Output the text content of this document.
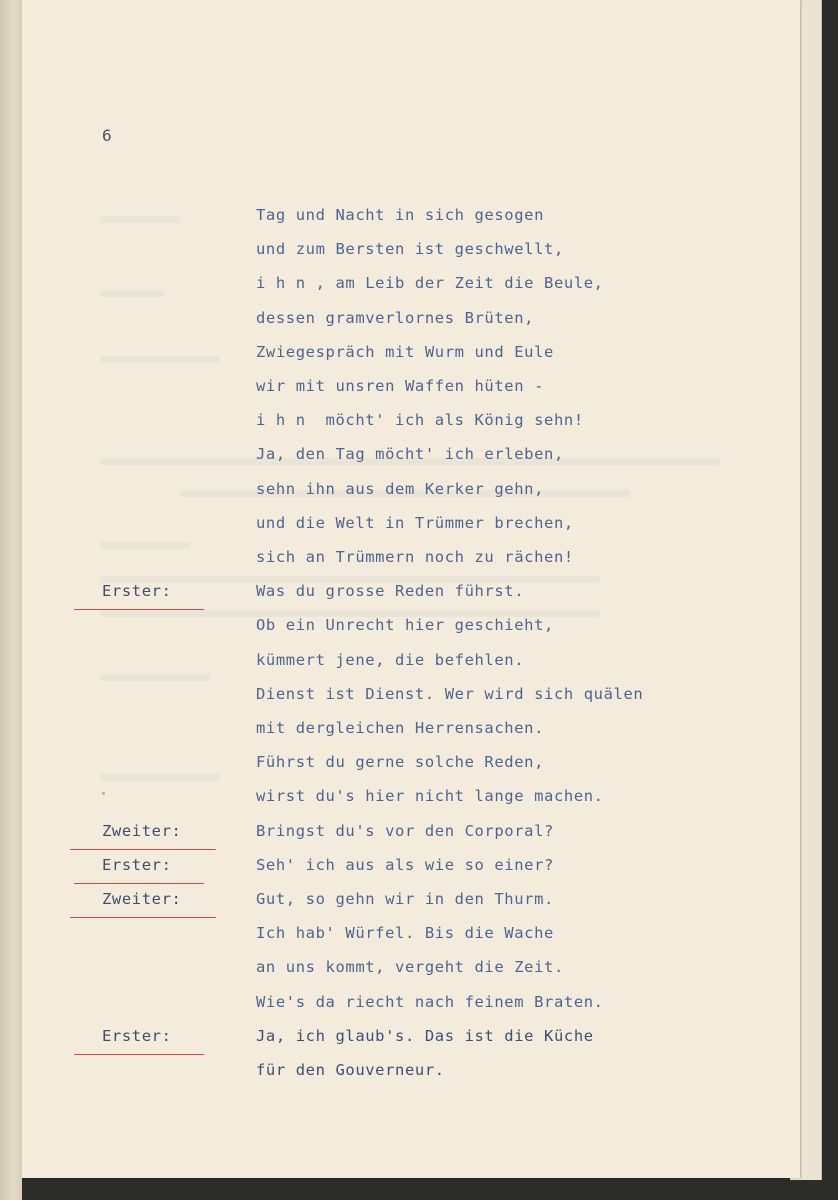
6
Tag und Nacht in sich gesogen
und zum Bersten ist geschwellt,
i h n , am Leib der Zeit die Beule,
dessen gramverlornes Brüten,
Zwiegespräch mit Wurm und Eule
wir mit unsren Waffen hüten -
i h n  möcht' ich als König sehn!
Ja, den Tag möcht' ich erleben,
sehn ihn aus dem Kerker gehn,
und die Welt in Trümmer brechen,
sich an Trümmern noch zu rächen!
Was du grosse Reden führst.
Ob ein Unrecht hier geschieht,
kümmert jene, die befehlen.
Dienst ist Dienst. Wer wird sich quälen
mit dergleichen Herrensachen.
Führst du gerne solche Reden,
wirst du's hier nicht lange machen.
Bringst du's vor den Corporal?
Seh' ich aus als wie so einer?
Gut, so gehn wir in den Thurm.
Ich hab' Würfel. Bis die Wache
an uns kommt, vergeht die Zeit.
Wie's da riecht nach feinem Braten.
Ja, ich glaub's. Das ist die Küche
für den Gouverneur.
Erster:
Zweiter:
Erster:
Zweiter:
Erster:
